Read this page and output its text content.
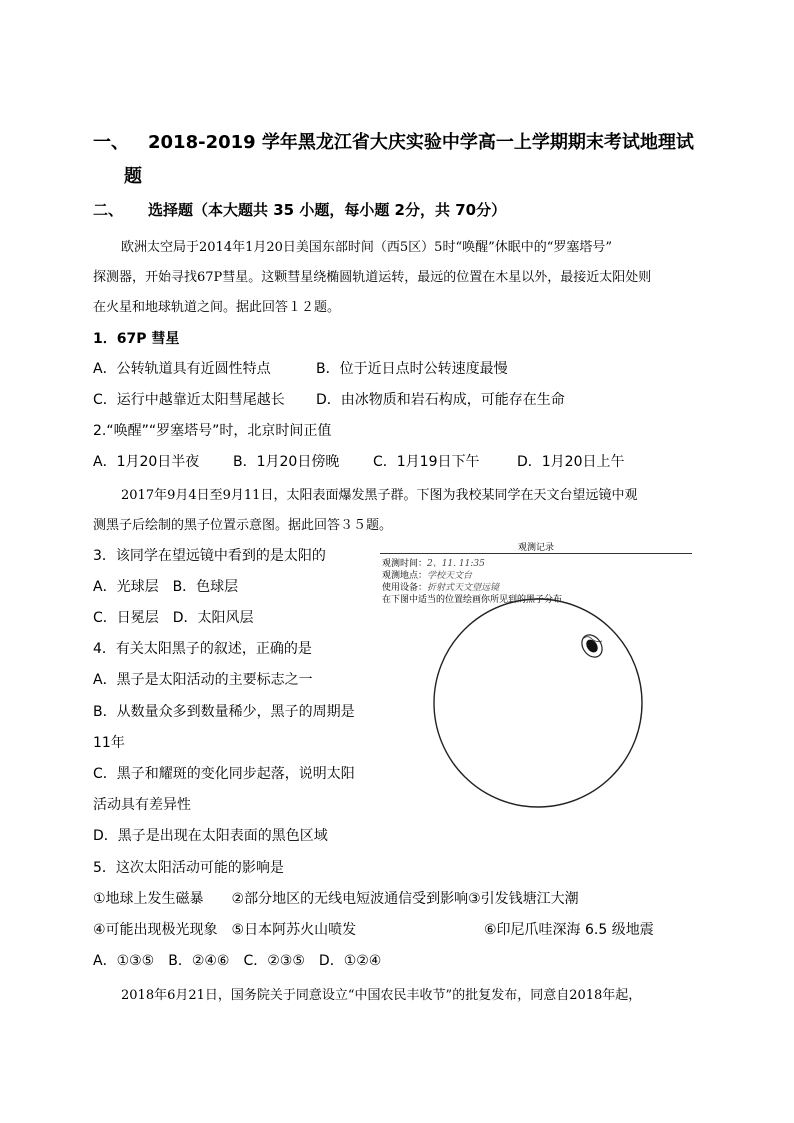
一、 2018-2019 学年黑龙江省大庆实验中学高一上学期期末考试地理试
题
二、 选择题（本大题共 35 小题，每小题 2分，共 70分）
欧洲太空局于2014年1月20日美国东部时间（西5区）5时“唤醒”休眠中的“罗塞塔号”
探测器，开始寻找67P彗星。这颗彗星绕椭圆轨道运转，最远的位置在木星以外，最接近太阳处则
在火星和地球轨道之间。据此回答１２题。
1．67P 彗星
A．公转轨道具有近圆性特点	B．位于近日点时公转速度最慢
C．运行中越靠近太阳彗尾越长 D．由冰物质和岩石构成，可能存在生命
2.“唤醒”“罗塞塔号”时，北京时间正值
A．1月20日半夜 B．1月20日傍晚 C．1月19日下午	D．1月20日上午
2017年9月4日至9月11日，太阳表面爆发黑子群。下图为我校某同学在天文台望远镜中观
测黑子后绘制的黑子位置示意图。据此回答３５题。
3．该同学在望远镜中看到的是太阳的
A．光球层　B．色球层
C．日冕层　D．太阳风层
4．有关太阳黑子的叙述，正确的是
A．黑子是太阳活动的主要标志之一
B．从数量众多到数量稀少，黑子的周期是
11年
C．黑子和耀斑的变化同步起落，说明太阳
活动具有差异性
D．黑子是出现在太阳表面的黑色区域
5．这次太阳活动可能的影响是
①地球上发生磁暴　　②部分地区的无线电短波通信受到影响③引发钱塘江大潮
④可能出现极光现象　⑤日本阿苏火山喷发	⑥印尼爪哇深海 6.5 级地震
A．①③⑤　B．②④⑥　C．②③⑤　D．①②④
2018年6月21日，国务院关于同意设立“中国农民丰收节”的批复发布，同意自2018年起，
观测记录
观测时间：2、11. 11:35
观测地点：学校天文台
使用设备：折射式天文望远镜
在下图中适当的位置绘画你所见到的黑子分布
